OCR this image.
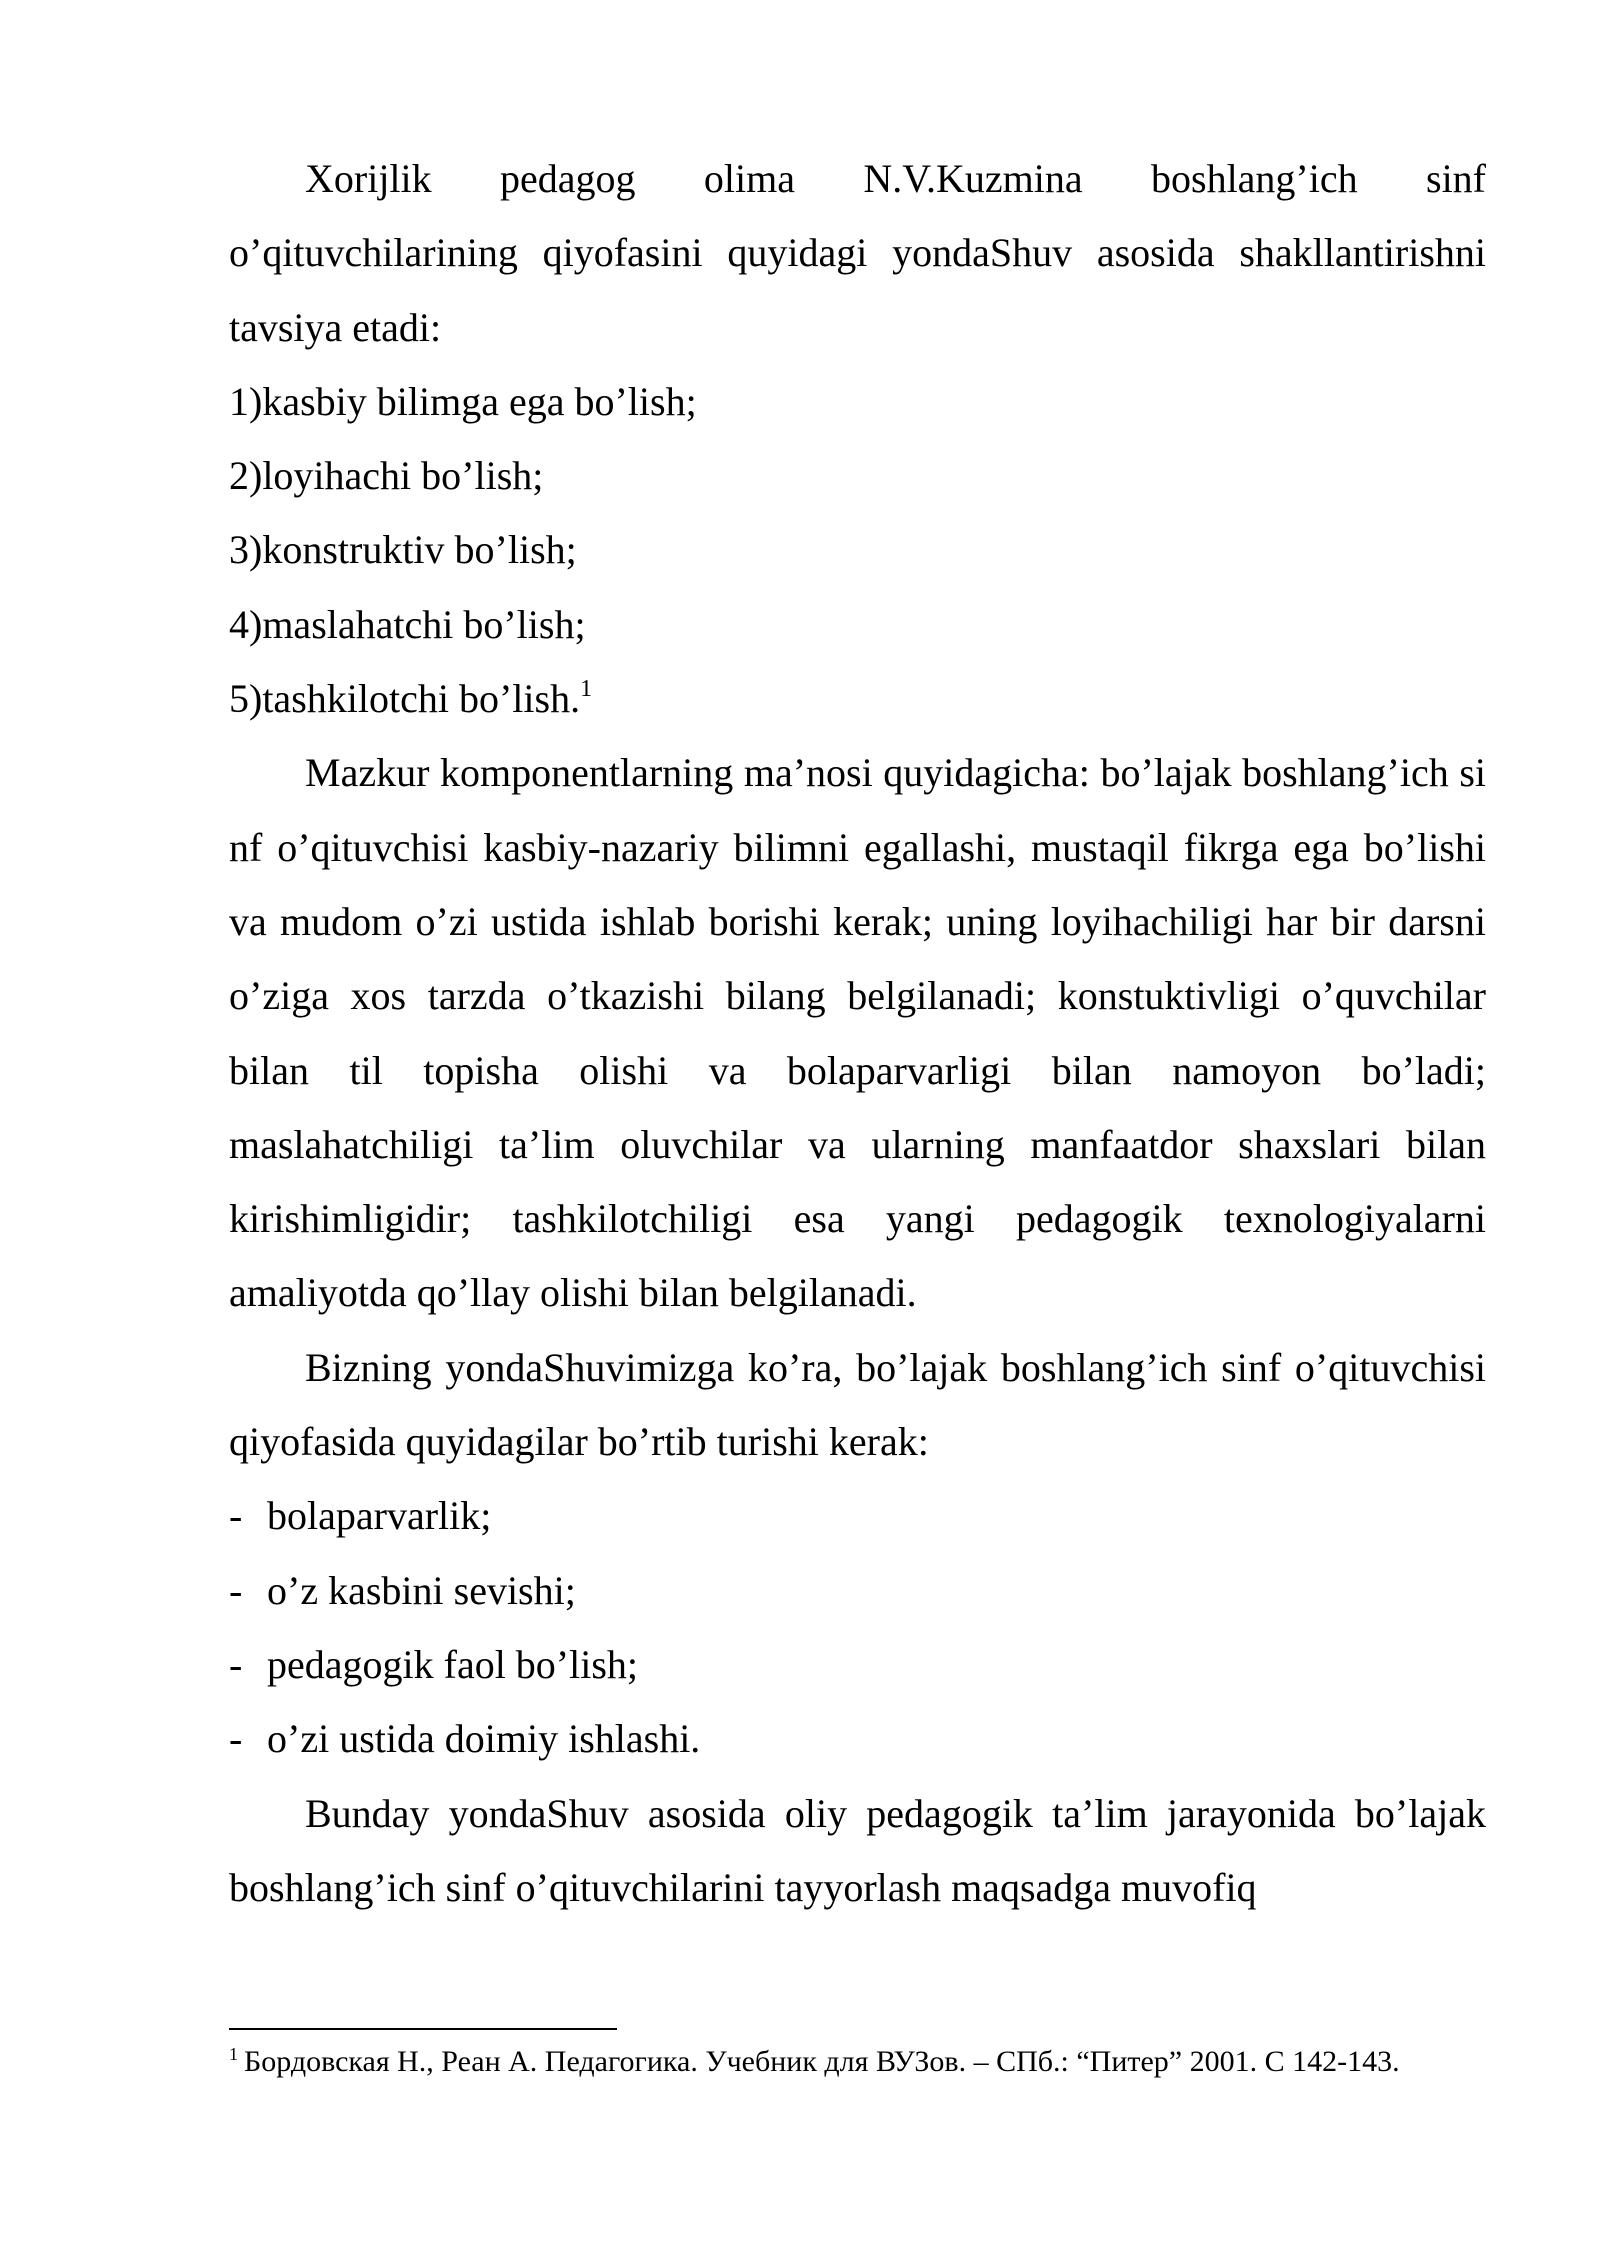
Xorijlik pedagog olima N.V.Kuzmina boshlang’ich sinf o’qituvchilarining qiyofasini quyidagi yondaShuv asosida shakllantirishni tavsiya etadi:

1)kasbiy bilimga ega bo’lish;
2)loyihachi bo’lish;
3)konstruktiv bo’lish;
4)maslahatchi bo’lish;
5)tashkilotchi bo’lish.$^1$

Mazkur komponentlarning ma’nosi quyidagicha: bo’lajak boshlang’ich si nf o’qituvchisi kasbiy-nazariy bilimni egallashi, mustaqil fikrga ega bo’lishi va mudom o’zi ustida ishlab borishi kerak; uning loyihachiligi har bir darsni o’ziga xos tarzda o’tkazishi bilang belgilanadi; konstuktivligi o’quvchilar bilan til topisha olishi va bolaparvarligi bilan namoyon bo’ladi; maslahatchiligi ta’lim oluvchilar va ularning manfaatdor shaxslari bilan kirishimligidir; tashkilotchiligi esa yangi pedagogik texnologiyalarni amaliyotda qo’llay olishi bilan belgilanadi.

Bizning yondaShuvimizga ko’ra, bo’lajak boshlang’ich sinf o’qituvchisi qiyofasida quyidagilar bo’rtib turishi kerak:

- bolaparvarlik;
- o’z kasbini sevishi;
- pedagogik faol bo’lish;
- o’zi ustida doimiy ishlashi.

Bunday yondaShuv asosida oliy pedagogik ta’lim jarayonida bo’lajak boshlang’ich sinf o’qituvchilarini tayyorlash maqsadga muvofiq

$^1$ Бордовская Н., Реан А. Педагогика. Учебник для ВУЗов. – СПб.: “Питер” 2001. С 142-143.
